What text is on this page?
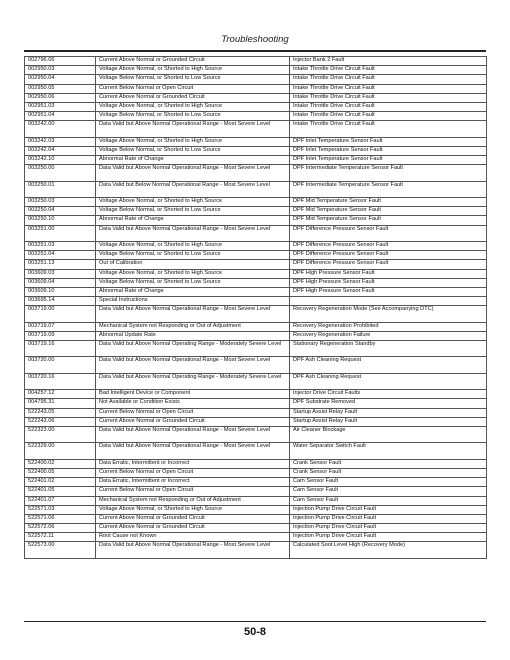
Troubleshooting
002796.06	Current Above Normal or Grounded Circuit	Injector Bank 2 Fault
002950.03	Voltage Above Normal, or Shorted to High Source	Intake Throttle Drive Circuit Fault
002950.04	Voltage Below Normal, or Shorted to Low Source	Intake Throttle Drive Circuit Fault
002950.05	Current Below Normal or Open Circuit	Intake Throttle Drive Circuit Fault
002950.06	Current Above Normal or Grounded Circuit	Intake Throttle Drive Circuit Fault
002951.03	Voltage Above Normal, or Shorted to High Source	Intake Throttle Drive Circuit Fault
002951.04	Voltage Below Normal, or Shorted to Low Source	Intake Throttle Drive Circuit Fault
003242.00	Data Valid but Above Normal Operational Range - Most Severe Level	Intake Throttle Drive Circuit Fault
003242.03	Voltage Above Normal, or Shorted to High Source	DPF Inlet Temperature Sensor Fault
003242.04	Voltage Below Normal, or Shorted to Low Source	DPF Inlet Temperature Sensor Fault
003242.10	Abnormal Rate of Change	DPF Inlet Temperature Sensor Fault
003250.00	Data Valid but Above Normal Operational Range - Most Severe Level	DPF Intermediate Temperature Sensor Fault
003250.01	Data Valid but Below Normal Operational Range - Most Severe Level	DPF Intermediate Temperature Sensor Fault
003250.03	Voltage Above Normal, or Shorted to High Source	DPF Mid Temperature Sensor Fault
003250.04	Voltage Below Normal, or Shorted to Low Source	DPF Mid Temperature Sensor Fault
003250.10	Abnormal Rate of Change	DPF Mid Temperature Sensor Fault
003251.00	Data Valid but Above Normal Operational Range - Most Severe Level	DPF Difference Pressure Sensor Fault
003251.03	Voltage Above Normal, or Shorted to High Source	DPF Difference Pressure Sensor Fault
003251.04	Voltage Below Normal, or Shorted to Low Source	DPF Difference Pressure Sensor Fault
003251.13	Out of Calibration	DPF Difference Pressure Sensor Fault
003609.03	Voltage Above Normal, or Shorted to High Source	DPF High Pressure Sensor Fault
003609.04	Voltage Below Normal, or Shorted to Low Source	DPF High Pressure Sensor Fault
003609.10	Abnormal Rate of Change	DPF High Pressure Sensor Fault
003695.14	Special Instructions	
003719.00	Data Valid but Above Normal Operational Range - Most Severe Level	Recovery Regeneration Mode (See Accompanying DTC)
003719.07	Mechanical System not Responding or Out of Adjustment	Recovery Regeneration Prohibited
003719.09	Abnormal Update Rate	Recovery Regeneration Failure
003719.16	Data Valid but Above Normal Operating Range - Moderately Severe Level	Stationary Regeneration Standby
003720.00	Data Valid but Above Normal Operational Range - Most Severe Level	DPF Ash Cleaning Request
003720.16	Data Valid but Above Normal Operating Range - Moderately Severe Level	DPF Ash Cleaning Request
004257.12	Bad Intelligent Device or Component	Injector Drive Circuit Faults
004795.31	Not Available or Condition Exists	DPF Substrate Removed
522243.05	Current Below Normal or Open Circuit	Startup Assist Relay Fault
522243.06	Current Above Normal or Grounded Circuit	Startup Assist Relay Fault
522323.00	Data Valid but Above Normal Operational Range - Most Severe Level	Air Cleaner Blockage
522329.00	Data Valid but Above Normal Operational Range - Most Severe Level	Water Separator Switch Fault
522400.02	Data Erratic, Intermittent or Incorrect	Crank Sensor Fault
522400.05	Current Below Normal or Open Circuit	Crank Sensor Fault
522401.02	Data Erratic, Intermittent or Incorrect	Cam Sensor Fault
522401.05	Current Below Normal or Open Circuit	Cam Sensor Fault
522401.07	Mechanical System not Responding or Out of Adjustment	Cam Sensor Fault
522571.03	Voltage Above Normal, or Shorted to High Source	Injection Pump Drive Circuit Fault
522571.06	Current Above Normal or Grounded Circuit	Injection Pump Drive Circuit Fault
522572.06	Current Above Normal or Grounded Circuit	Injection Pump Drive Circuit Fault
522572.11	Root Cause not Known	Injection Pump Drive Circuit Fault
522573.00	Data Valid but Above Normal Operational Range - Most Severe Level	Calculated Soot Level High (Recovery Mode)
50-8
